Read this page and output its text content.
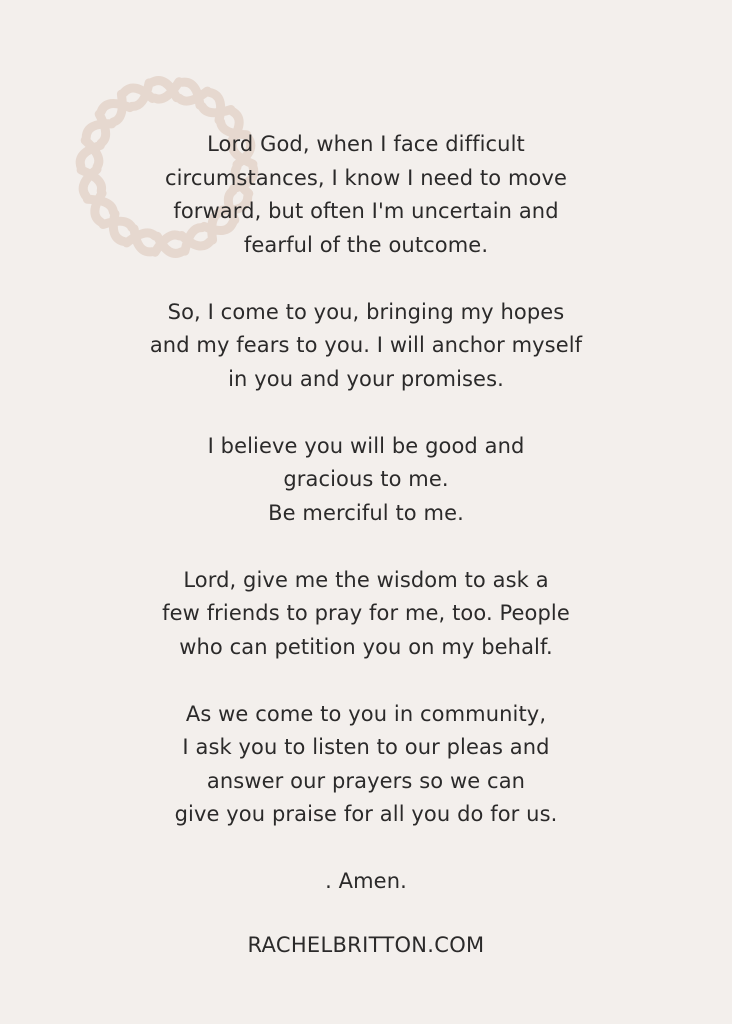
Lord God, when I face difficult
circumstances, I know I need to move
forward, but often I'm uncertain and
fearful of the outcome.
So, I come to you, bringing my hopes
and my fears to you. I will anchor myself
in you and your promises.
I believe you will be good and
gracious to me.
Be merciful to me.
Lord, give me the wisdom to ask a
few friends to pray for me, too. People
who can petition you on my behalf.
As we come to you in community,
I ask you to listen to our pleas and
answer our prayers so we can
give you praise for all you do for us.
. Amen.
RACHELBRITTON.COM
